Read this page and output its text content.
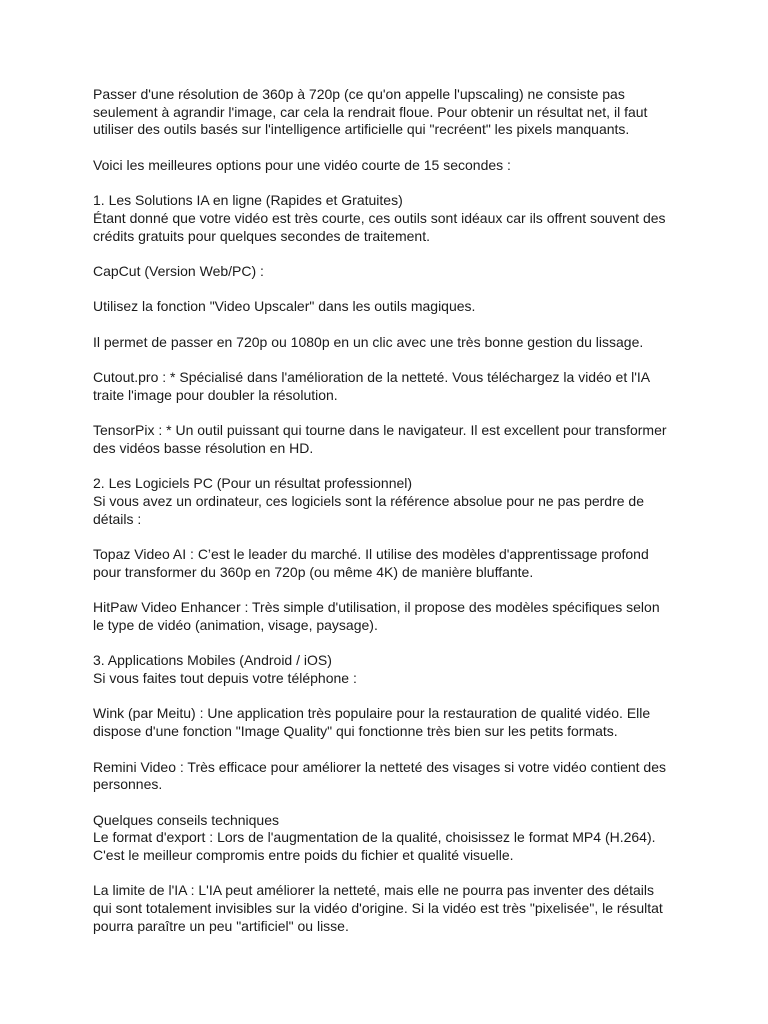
Passer d'une résolution de 360p à 720p (ce qu'on appelle l'upscaling) ne consiste pas
seulement à agrandir l'image, car cela la rendrait floue. Pour obtenir un résultat net, il faut
utiliser des outils basés sur l'intelligence artificielle qui "recréent" les pixels manquants.

Voici les meilleures options pour une vidéo courte de 15 secondes :

1. Les Solutions IA en ligne (Rapides et Gratuites)
Étant donné que votre vidéo est très courte, ces outils sont idéaux car ils offrent souvent des
crédits gratuits pour quelques secondes de traitement.

CapCut (Version Web/PC) :

Utilisez la fonction "Video Upscaler" dans les outils magiques.

Il permet de passer en 720p ou 1080p en un clic avec une très bonne gestion du lissage.

Cutout.pro : * Spécialisé dans l'amélioration de la netteté. Vous téléchargez la vidéo et l'IA
traite l'image pour doubler la résolution.

TensorPix : * Un outil puissant qui tourne dans le navigateur. Il est excellent pour transformer
des vidéos basse résolution en HD.

2. Les Logiciels PC (Pour un résultat professionnel)
Si vous avez un ordinateur, ces logiciels sont la référence absolue pour ne pas perdre de
détails :

Topaz Video AI : C’est le leader du marché. Il utilise des modèles d'apprentissage profond
pour transformer du 360p en 720p (ou même 4K) de manière bluffante.

HitPaw Video Enhancer : Très simple d'utilisation, il propose des modèles spécifiques selon
le type de vidéo (animation, visage, paysage).

3. Applications Mobiles (Android / iOS)
Si vous faites tout depuis votre téléphone :

Wink (par Meitu) : Une application très populaire pour la restauration de qualité vidéo. Elle
dispose d'une fonction "Image Quality" qui fonctionne très bien sur les petits formats.

Remini Video : Très efficace pour améliorer la netteté des visages si votre vidéo contient des
personnes.

Quelques conseils techniques
Le format d'export : Lors de l'augmentation de la qualité, choisissez le format MP4 (H.264).
C'est le meilleur compromis entre poids du fichier et qualité visuelle.

La limite de l'IA : L'IA peut améliorer la netteté, mais elle ne pourra pas inventer des détails
qui sont totalement invisibles sur la vidéo d'origine. Si la vidéo est très "pixelisée", le résultat
pourra paraître un peu "artificiel" ou lisse.
